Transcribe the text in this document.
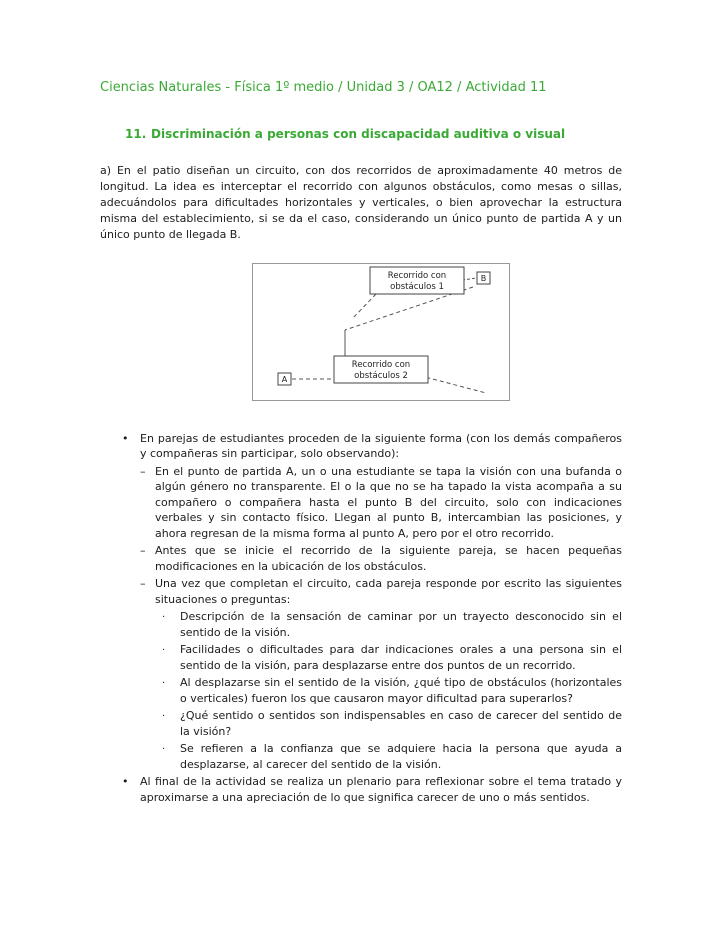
Ciencias Naturales - Física 1º medio / Unidad 3 / OA12 / Actividad 11
11. Discriminación a personas con discapacidad auditiva o visual

a) En el patio diseñan un circuito, con dos recorridos de aproximadamente 40 metros de longitud. La idea es interceptar el recorrido con algunos obstáculos, como mesas o sillas, adecuándolos para dificultades horizontales y verticales, o bien aprovechar la estructura misma del establecimiento, si se da el caso, considerando un único punto de partida A y un único punto de llegada B.

B
A
Recorrido con
obstáculos 1
Recorrido con
obstáculos 2
•
En parejas de estudiantes proceden de la siguiente forma (con los demás compañeros y compañeras sin participar, solo observando):
–
En el punto de partida A, un o una estudiante se tapa la visión con una bufanda o algún género no transparente. El o la que no se ha tapado la vista acompaña a su compañero o compañera hasta el punto B del circuito, solo con indicaciones verbales y sin contacto físico. Llegan al punto B, intercambian las posiciones, y ahora regresan de la misma forma al punto A, pero por el otro recorrido.
–
Antes que se inicie el recorrido de la siguiente pareja, se hacen pequeñas modificaciones en la ubicación de los obstáculos.
–
Una vez que completan el circuito, cada pareja responde por escrito las siguientes situaciones o preguntas:
·
Descripción de la sensación de caminar por un trayecto desconocido sin el sentido de la visión.
·
Facilidades o dificultades para dar indicaciones orales a una persona sin el sentido de la visión, para desplazarse entre dos puntos de un recorrido.
·
Al desplazarse sin el sentido de la visión, ¿qué tipo de obstáculos (horizontales o verticales) fueron los que causaron mayor dificultad para superarlos?
·
¿Qué sentido o sentidos son indispensables en caso de carecer del sentido de la visión?
·
Se refieren a la confianza que se adquiere hacia la persona que ayuda a desplazarse, al carecer del sentido de la visión.
•
Al final de la actividad se realiza un plenario para reflexionar sobre el tema tratado y aproximarse a una apreciación de lo que significa carecer de uno o más sentidos.
